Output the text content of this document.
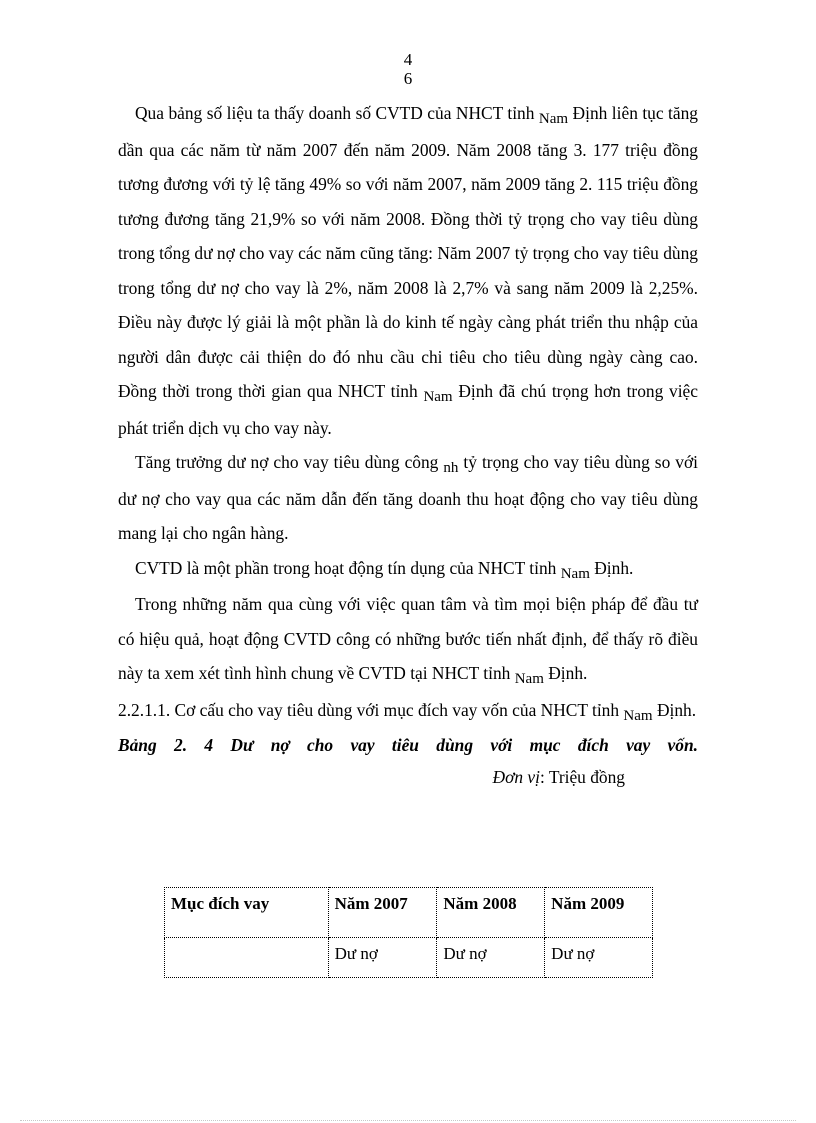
4
6

Qua bảng số liệu ta thấy doanh số CVTD của NHCT tỉnh Nam Định liên tục tăng dần qua các năm từ năm 2007 đến năm 2009. Năm 2008 tăng 3. 177 triệu đồng tương đương với tỷ lệ tăng 49% so với năm 2007, năm 2009 tăng 2. 115 triệu đồng tương đương tăng 21,9% so với năm 2008. Đồng thời tỷ trọng cho vay tiêu dùng trong tổng dư nợ cho vay các năm cũng tăng: Năm 2007 tỷ trọng cho vay tiêu dùng trong tổng dư nợ cho vay là 2%, năm 2008 là 2,7% và sang năm 2009 là 2,25%. Điều này được lý giải là một phần là do kinh tế ngày càng phát triển thu nhập của người dân được cải thiện do đó nhu cầu chi tiêu cho tiêu dùng ngày càng cao. Đồng thời trong thời gian qua NHCT tỉnh Nam Định đã chú trọng hơn trong việc phát triển dịch vụ cho vay này.

Tăng trưởng dư nợ cho vay tiêu dùng công nh tỷ trọng cho vay tiêu dùng so với dư nợ cho vay qua các năm dẫn đến tăng doanh thu hoạt động cho vay tiêu dùng mang lại cho ngân hàng.

CVTD là một phần trong hoạt động tín dụng của NHCT tỉnh Nam Định.

Trong những năm qua cùng với việc quan tâm và tìm mọi biện pháp để đầu tư có hiệu quả, hoạt động CVTD công có những bước tiến nhất định, để thấy rõ điều này ta xem xét tình hình chung về CVTD tại NHCT tỉnh Nam Định.

2.2.1.1. Cơ cấu cho vay tiêu dùng với mục đích vay vốn của NHCT tỉnh Nam Định.

Bảng 2. 4 Dư nợ cho vay tiêu dùng với mục đích vay vốn.

Đơn vị: Triệu đồng

Mục đích vay	Năm 2007	Năm 2008	Năm 2009
	Dư nợ	Dư nợ	Dư nợ
